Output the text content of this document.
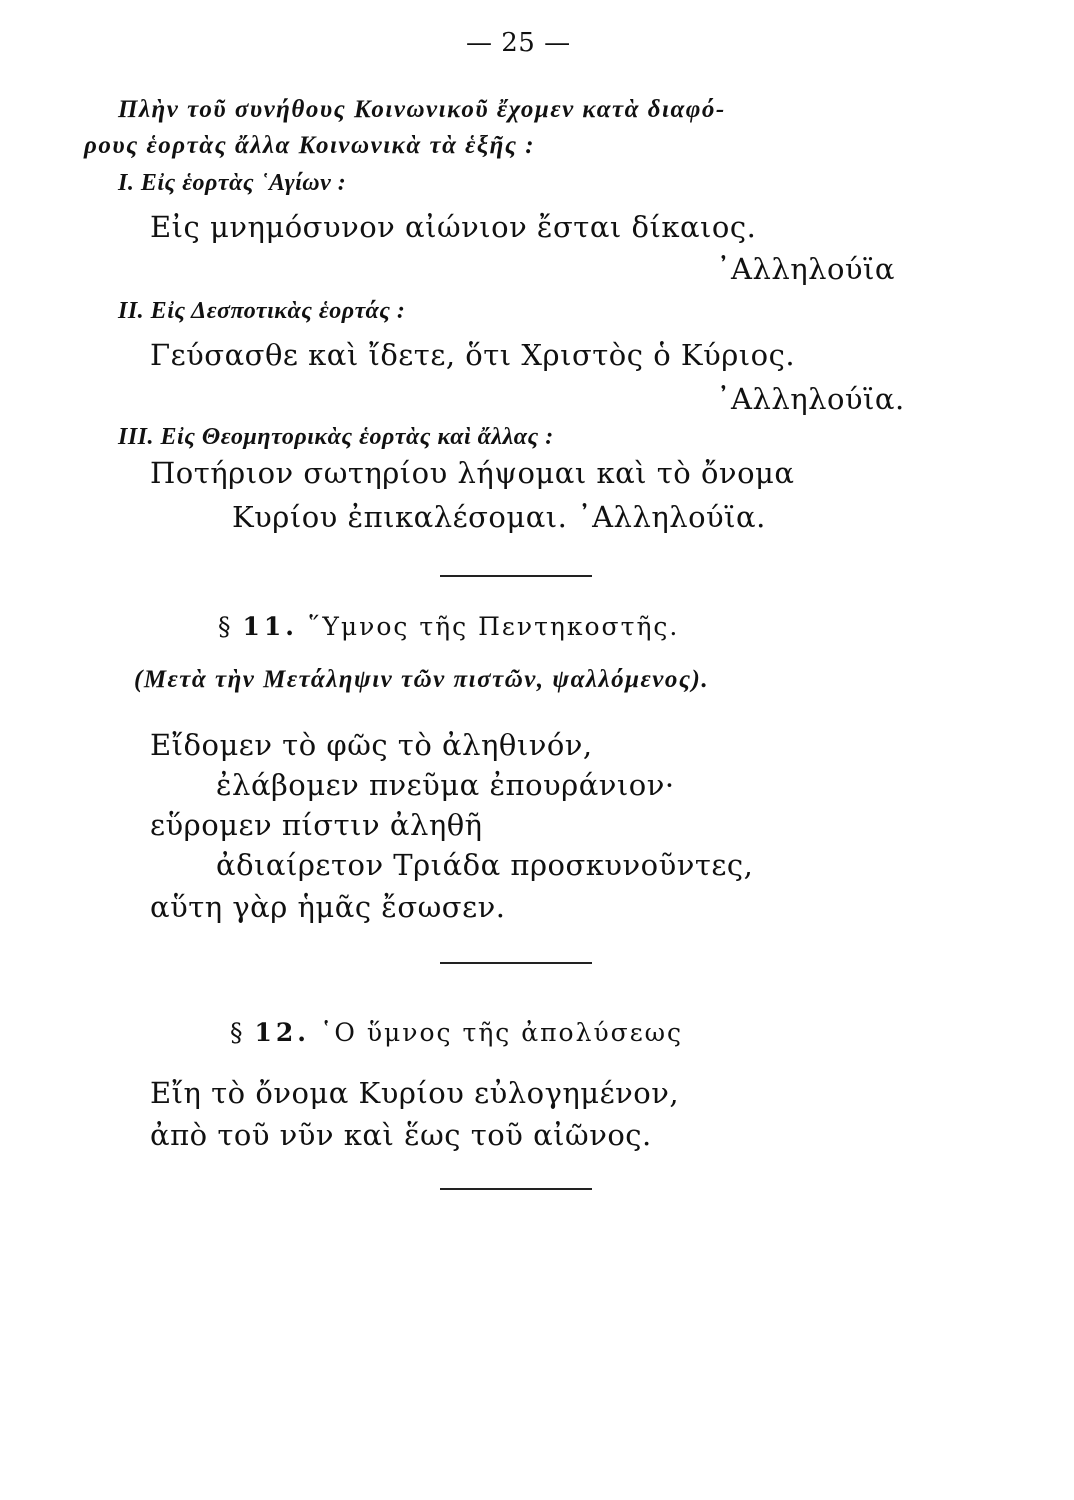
— 25 —
Πλὴν τοῦ συνήθους Κοινωνικοῦ ἔχομεν κατὰ διαφό-
ρους ἑορτὰς ἄλλα Κοινωνικὰ τὰ ἑξῆς :
I. Εἰς ἑορτὰς ῾Αγίων :
Εἰς μνημόσυνον αἰώνιον ἔσται δίκαιος.
᾿Αλληλούϊα
II. Εἰς Δεσποτικὰς ἑορτάς :
Γεύσασθε καὶ ἴδετε, ὅτι Χριστὸς ὁ Κύριος.
᾿Αλληλούϊα.
III. Εἰς Θεομητορικὰς ἑορτὰς καὶ ἄλλας :
Ποτήριον σωτηρίου λήψομαι καὶ τὸ ὄνομα
Κυρίου ἐπικαλέσομαι. ᾿Αλληλούϊα.
§ 11. ῞Υμνος τῆς Πεντηκοστῆς.
(Μετὰ τὴν Μετάληψιν τῶν πιστῶν, ψαλλόμενος).
Εἴδομεν τὸ φῶς τὸ ἀληθινόν,
ἐλάβομεν πνεῦμα ἐπουράνιον·
εὕρομεν πίστιν ἀληθῆ
ἀδιαίρετον Τριάδα προσκυνοῦντες,
αὕτη γὰρ ἡμᾶς ἔσωσεν.
§ 12. ῾Ο ὕμνος τῆς ἀπολύσεως
Εἴη τὸ ὄνομα Κυρίου εὐλογημένον,
ἀπὸ τοῦ νῦν καὶ ἕως τοῦ αἰῶνος.
